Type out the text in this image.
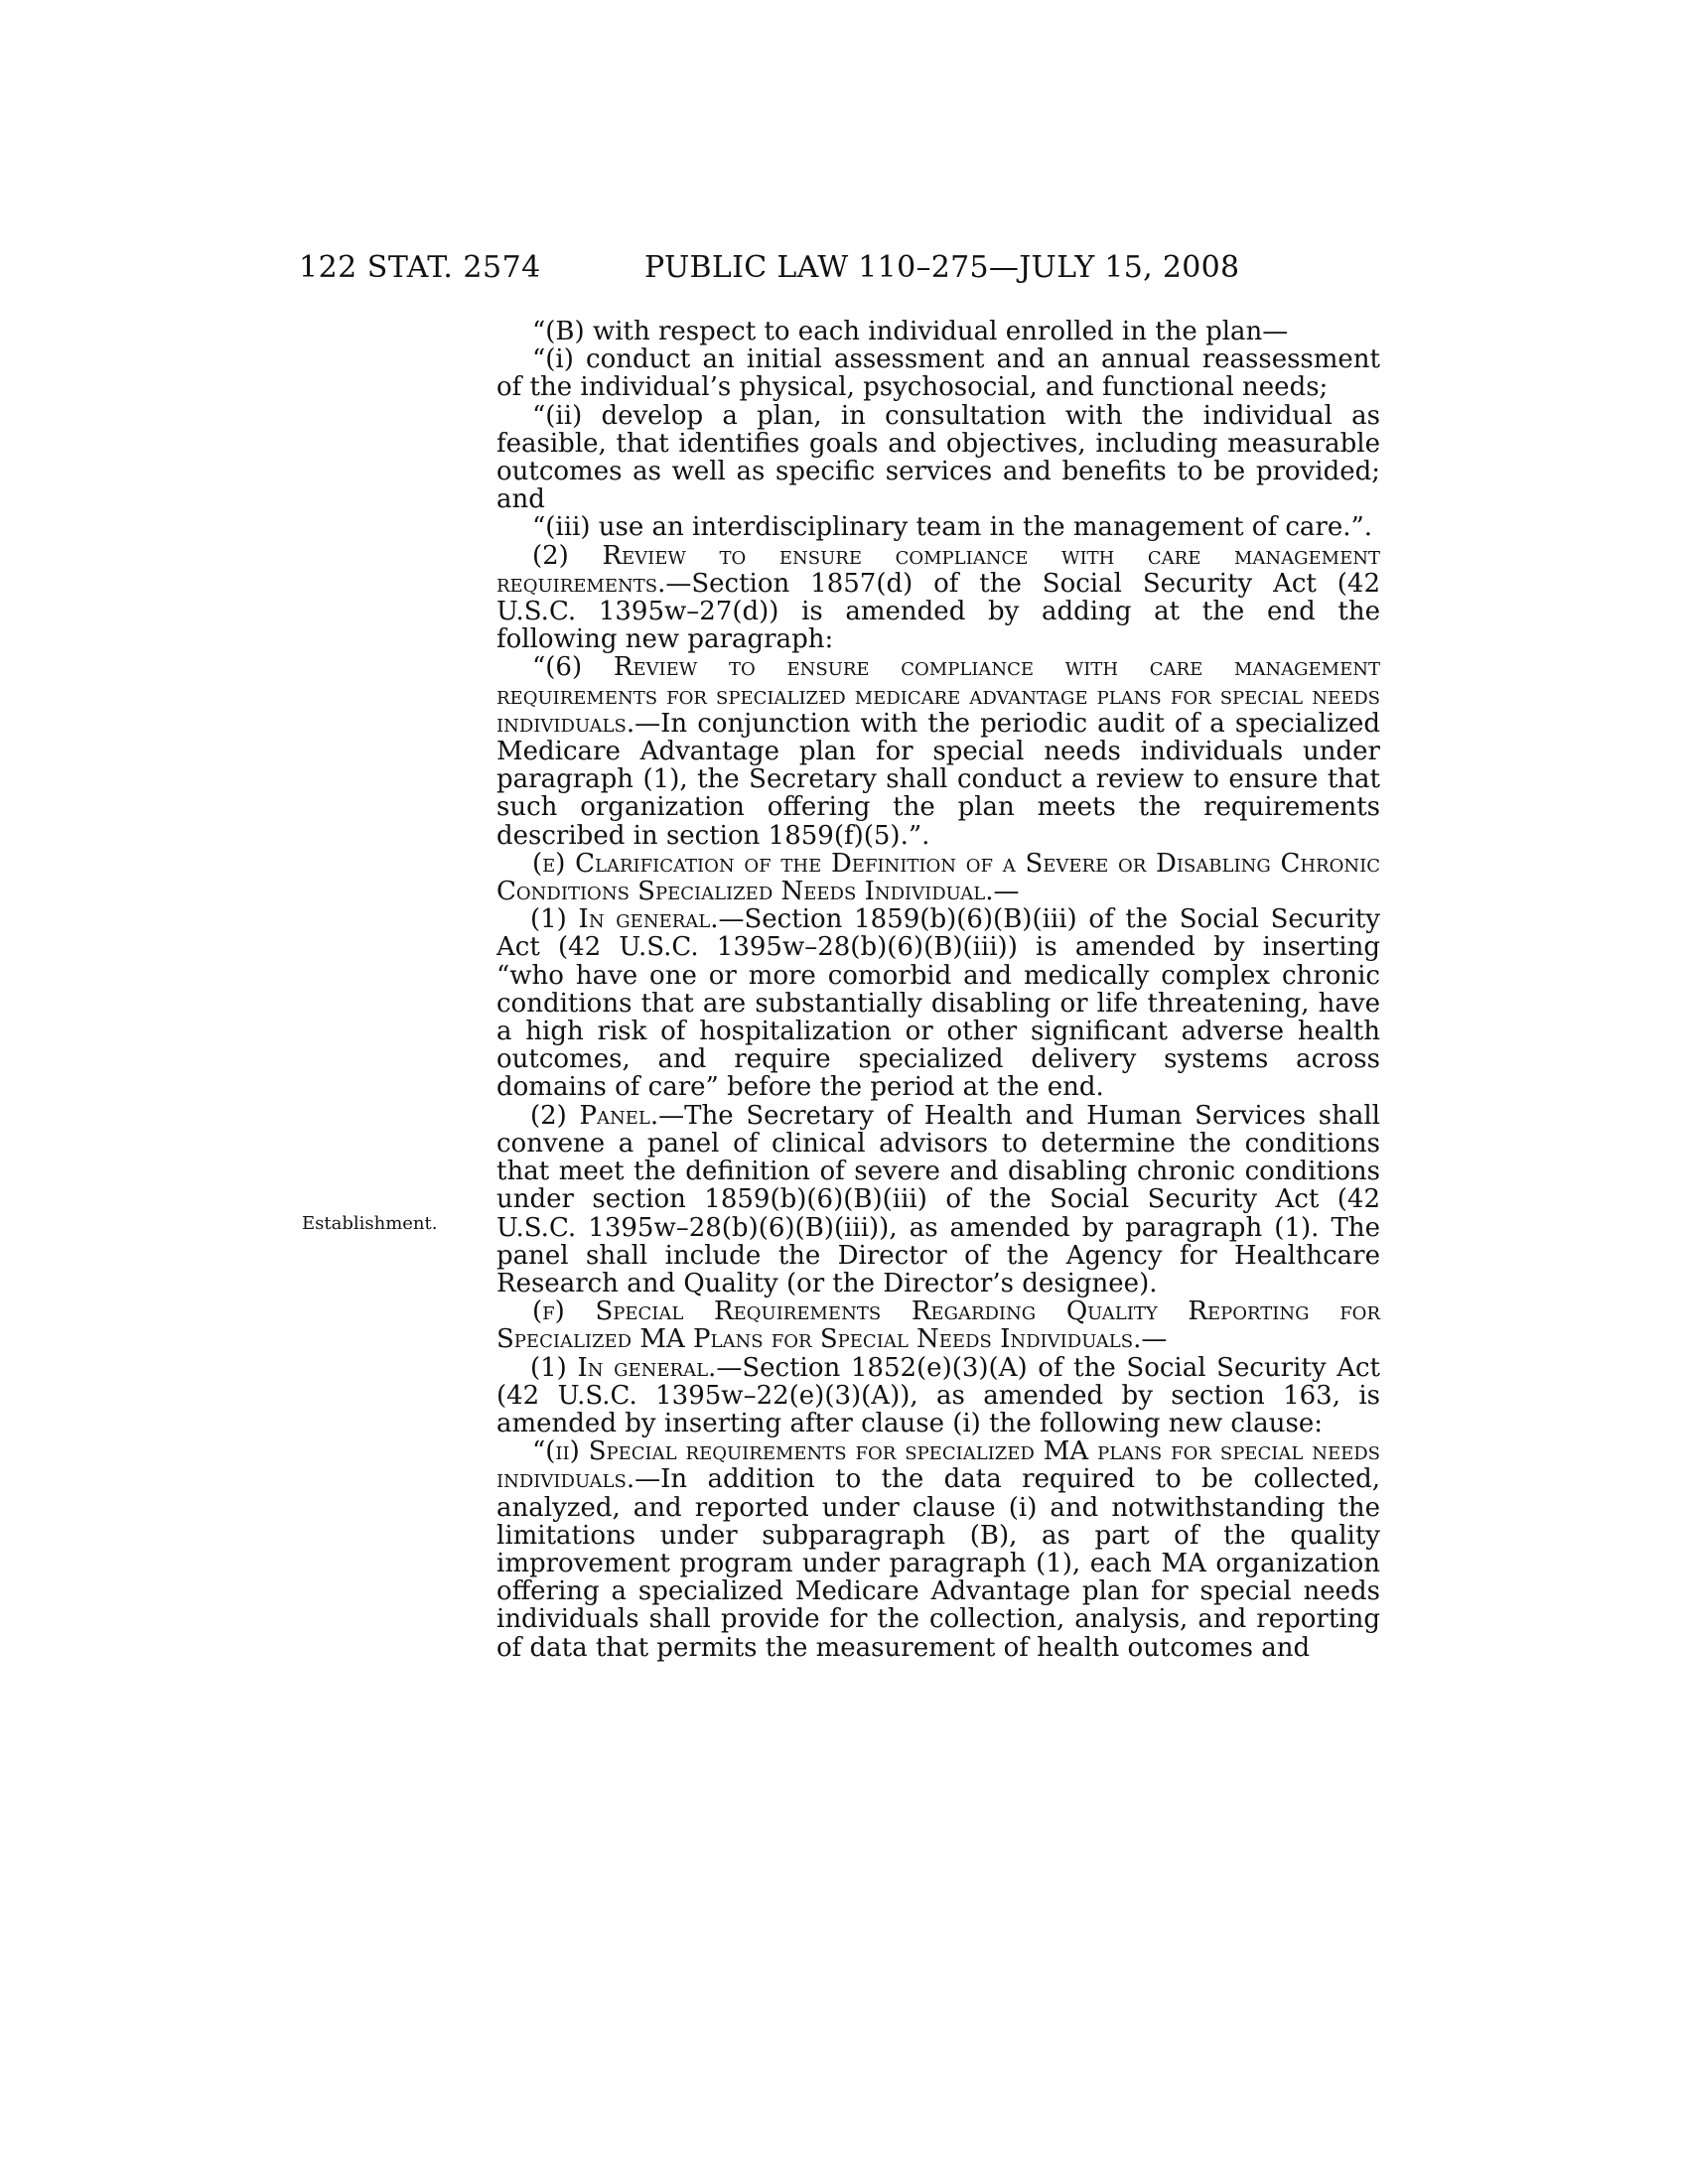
122 STAT. 2574	PUBLIC LAW 110–275—JULY 15, 2008
Establishment.

“(B) with respect to each individual enrolled in the plan—

“(i) conduct an initial assessment and an annual reassessment of the individual’s physical, psychosocial, and functional needs;

“(ii) develop a plan, in consultation with the individual as feasible, that identifies goals and objectives, including measurable outcomes as well as specific services and benefits to be provided; and

“(iii) use an interdisciplinary team in the management of care.”.

(2) Review to ensure compliance with care management requirements.—Section 1857(d) of the Social Security Act (42 U.S.C. 1395w–27(d)) is amended by adding at the end the following new paragraph:

“(6) Review to ensure compliance with care management requirements for specialized medicare advantage plans for special needs individuals.—In conjunction with the periodic audit of a specialized Medicare Advantage plan for special needs individuals under paragraph (1), the Secretary shall conduct a review to ensure that such organization offering the plan meets the requirements described in section 1859(f)(5).”.

(e) Clarification of the Definition of a Severe or Disabling Chronic Conditions Specialized Needs Individual.—

(1) In general.—Section 1859(b)(6)(B)(iii) of the Social Security Act (42 U.S.C. 1395w–28(b)(6)(B)(iii)) is amended by inserting “who have one or more comorbid and medically complex chronic conditions that are substantially disabling or life threatening, have a high risk of hospitalization or other significant adverse health outcomes, and require specialized delivery systems across domains of care” before the period at the end.

(2) Panel.—The Secretary of Health and Human Services shall convene a panel of clinical advisors to determine the conditions that meet the definition of severe and disabling chronic conditions under section 1859(b)(6)(B)(iii) of the Social Security Act (42 U.S.C. 1395w–28(b)(6)(B)(iii)), as amended by paragraph (1). The panel shall include the Director of the Agency for Healthcare Research and Quality (or the Director’s designee).

(f) Special Requirements Regarding Quality Reporting for Specialized MA Plans for Special Needs Individuals.—

(1) In general.—Section 1852(e)(3)(A) of the Social Security Act (42 U.S.C. 1395w–22(e)(3)(A)), as amended by section 163, is amended by inserting after clause (i) the following new clause:

“(ii) Special requirements for specialized MA plans for special needs individuals.—In addition to the data required to be collected, analyzed, and reported under clause (i) and notwithstanding the limitations under subparagraph (B), as part of the quality improvement program under paragraph (1), each MA organization offering a specialized Medicare Advantage plan for special needs individuals shall provide for the collection, analysis, and reporting of data that permits the measurement of health outcomes and
